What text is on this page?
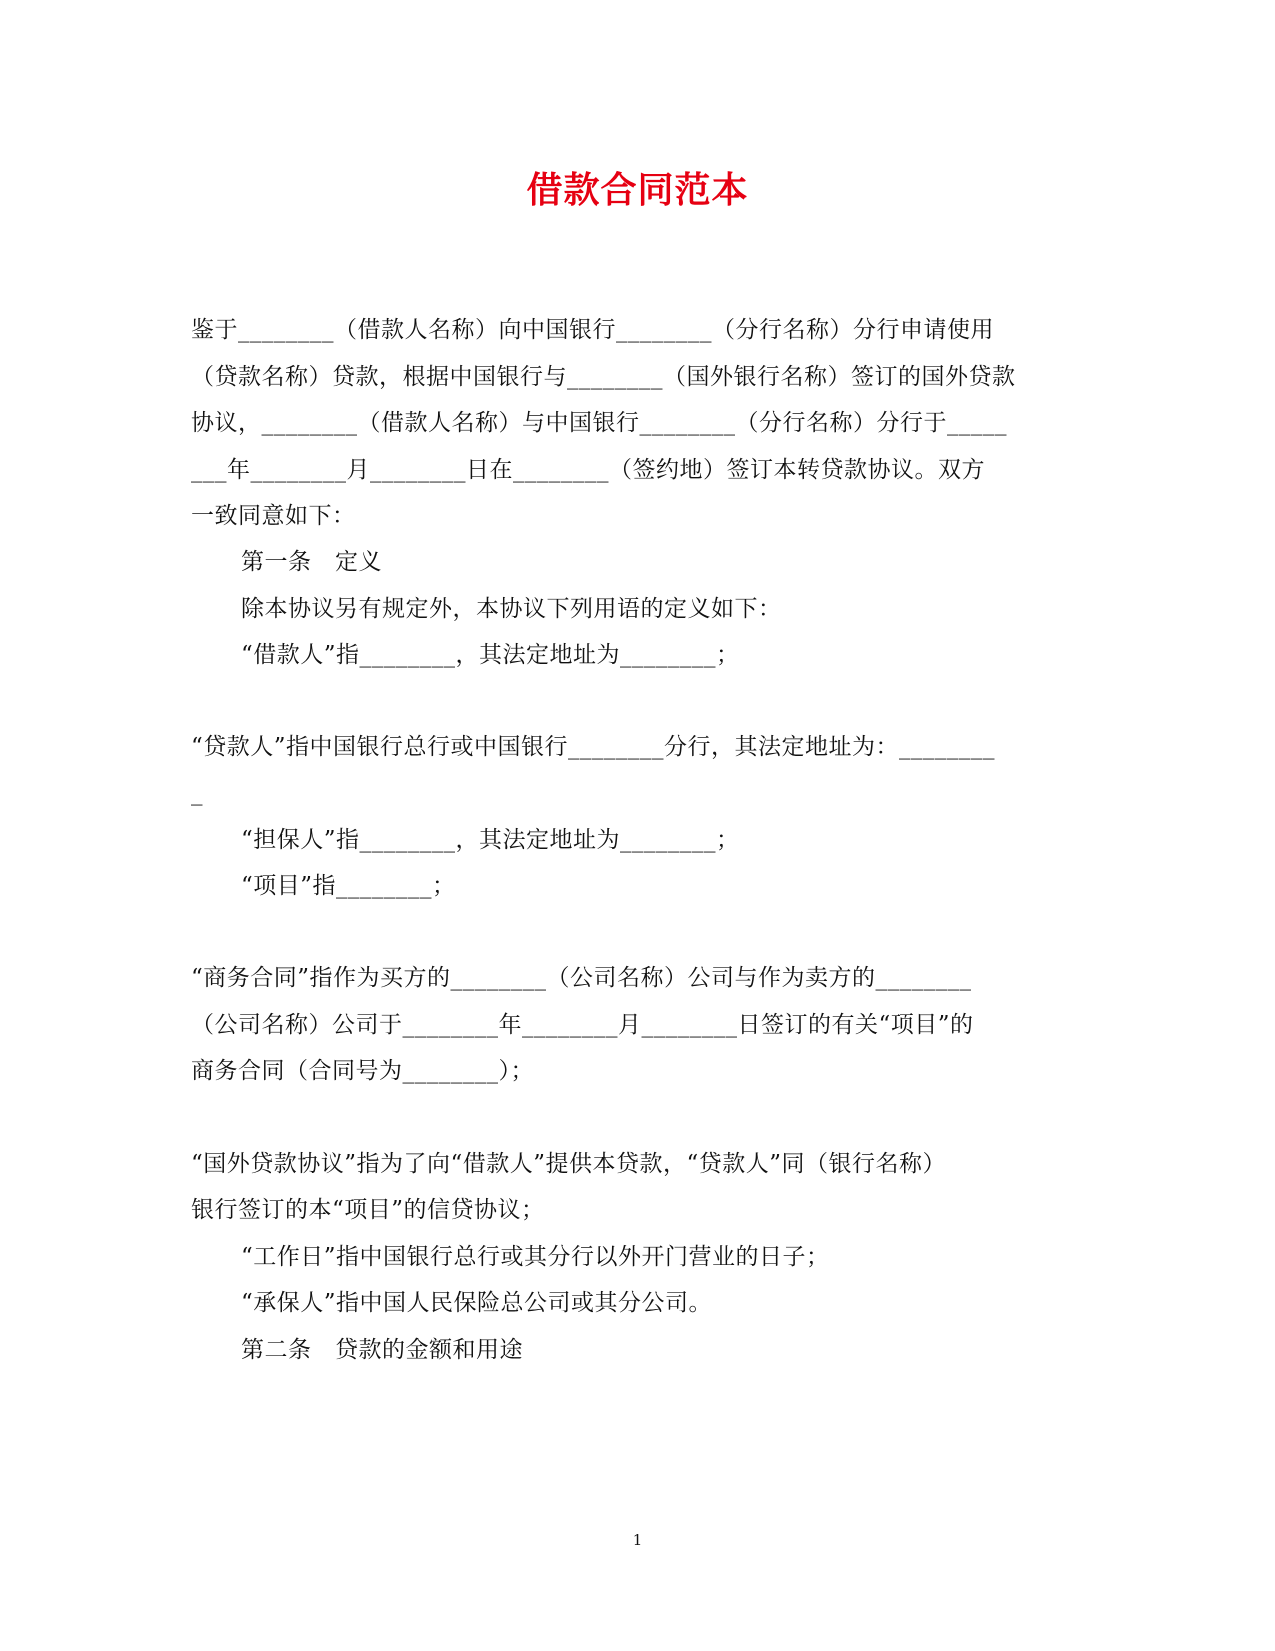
借款合同范本
鉴于________（借款人名称）向中国银行________（分行名称）分行申请使用
（贷款名称）贷款，根据中国银行与________（国外银行名称）签订的国外贷款
协议，________（借款人名称）与中国银行________（分行名称）分行于_____
___年________月________日在________（签约地）签订本转贷款协议。双方
一致同意如下：
第一条　定义
除本协议另有规定外，本协议下列用语的定义如下：
“借款人”指________，其法定地址为________；
“贷款人”指中国银行总行或中国银行________分行，其法定地址为：________
_
“担保人”指________，其法定地址为________；
“项目”指________；
“商务合同”指作为买方的________（公司名称）公司与作为卖方的________
（公司名称）公司于________年________月________日签订的有关“项目”的
商务合同（合同号为________）；
“国外贷款协议”指为了向“借款人”提供本贷款，“贷款人”同（银行名称）
银行签订的本“项目”的信贷协议；
“工作日”指中国银行总行或其分行以外开门营业的日子；
“承保人”指中国人民保险总公司或其分公司。
第二条　贷款的金额和用途
1
